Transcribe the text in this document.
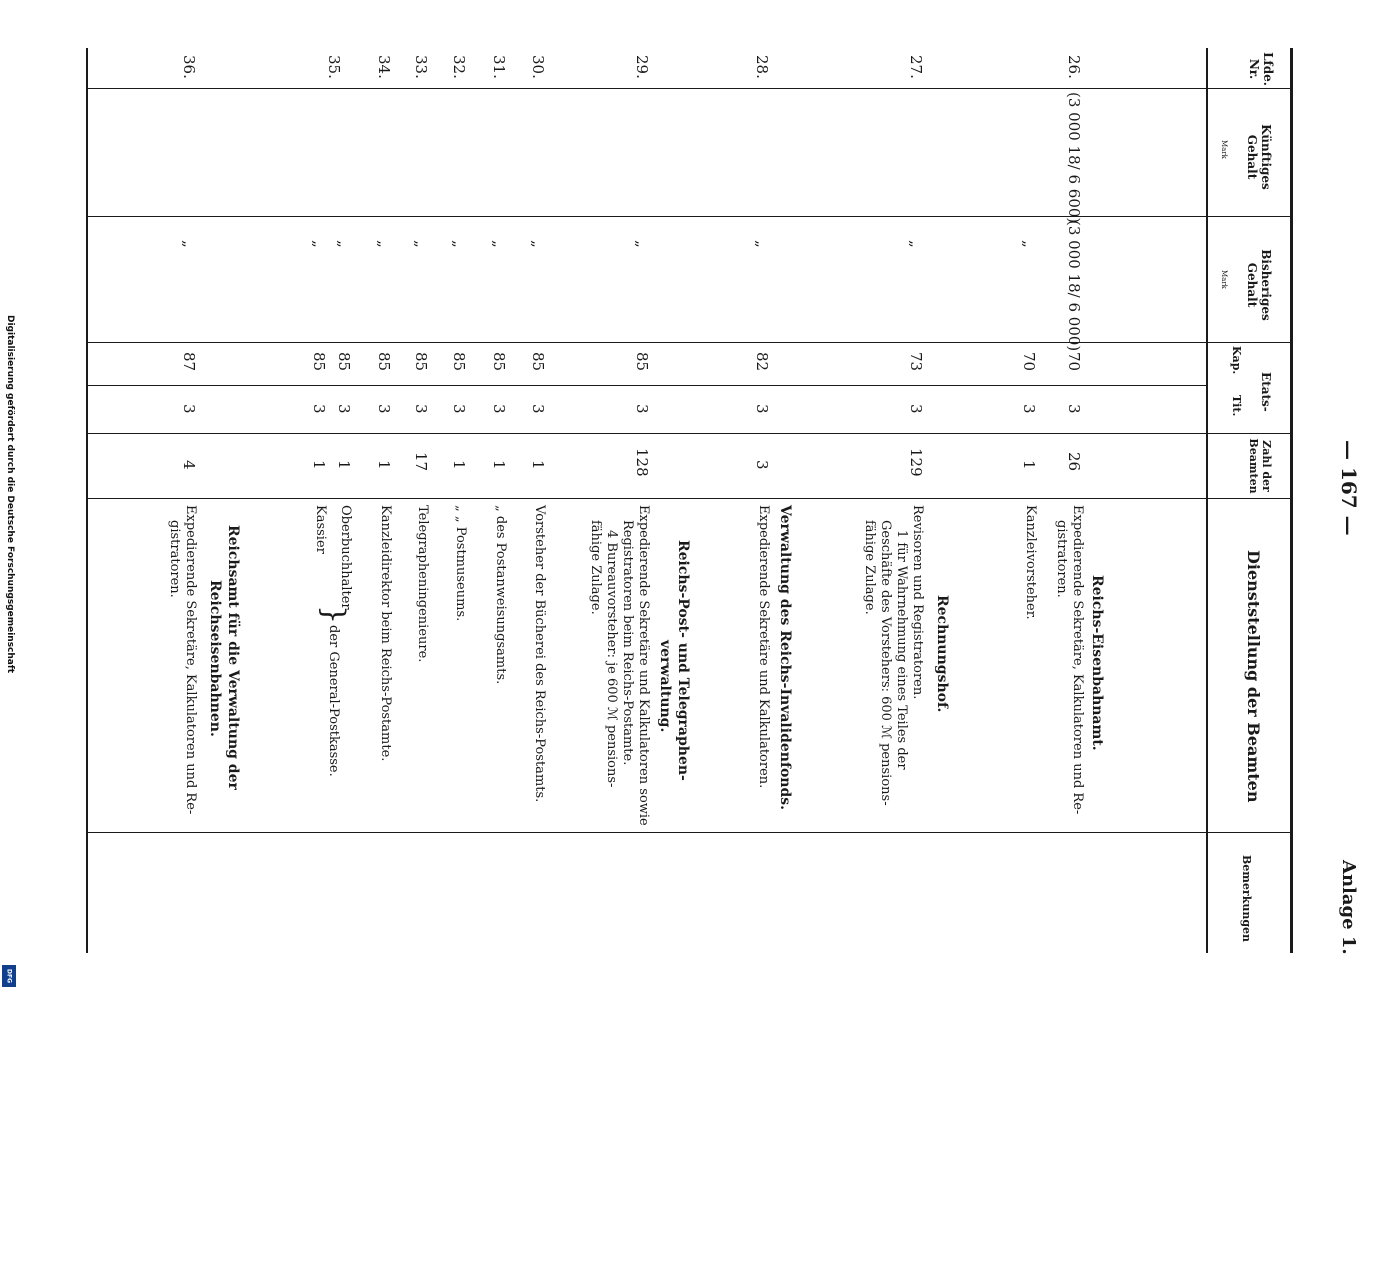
— 167 —
Anlage 1.
Lfde. Nr.
Künftiges Gehalt
Mark
Bisheriges Gehalt
Mark
Etats-
Kap.
Tit.
Zahl der Beamten
Dienststellung der Beamten
Bemerkungen
26.
(3 000 18/ 6 600)
(3 000 18/ 6 000)
70
3
26
Reichs-Eisenbahnamt.
Expedierende Sekretäre, Kalkulatoren und Re-
gistratoren.
„
70
3
1
Kanzleivorsteher.
Rechnungshof.
27.
„
73
3
129
Revisoren und Registratoren.
1 für Wahrnehmung eines Teiles der
Geschäfte des Vorstehers: 600 ℳ pensions-
fähige Zulage.
Verwaltung des Reichs-Invalidenfonds.
28.
„
82
3
3
Expedierende Sekretäre und Kalkulatoren.
Reichs-Post- und Telegraphen-
verwaltung.
29.
„
85
3
128
Expedierende Sekretäre und Kalkulatoren sowie
Registratoren beim Reichs-Postamte.
4 Bureauvorsteher: je 600 ℳ pensions-
fähige Zulage.
30.
„
85
3
1
Vorsteher der Bücherei des Reichs-Postamts.
31.
„
85
3
1
„ des Postanweisungsamts.
32.
„
85
3
1
„ „ Postmuseums.
33.
„
85
3
17
Telegrapheningenieure.
34.
„
85
3
1
Kanzleidirektor beim Reichs-Postamte.
35.
„
85
3
1
Oberbuchhalter
„
85
3
1
Kassier
}
der General-Postkasse.
Reichsamt für die Verwaltung der
Reichseisenbahnen.
36.
„
87
3
4
Expedierende Sekretäre, Kalkulatoren und Re-
gistratoren.
Digitalisierung gefördert durch die Deutsche Forschungsgemeinschaft
DFG
